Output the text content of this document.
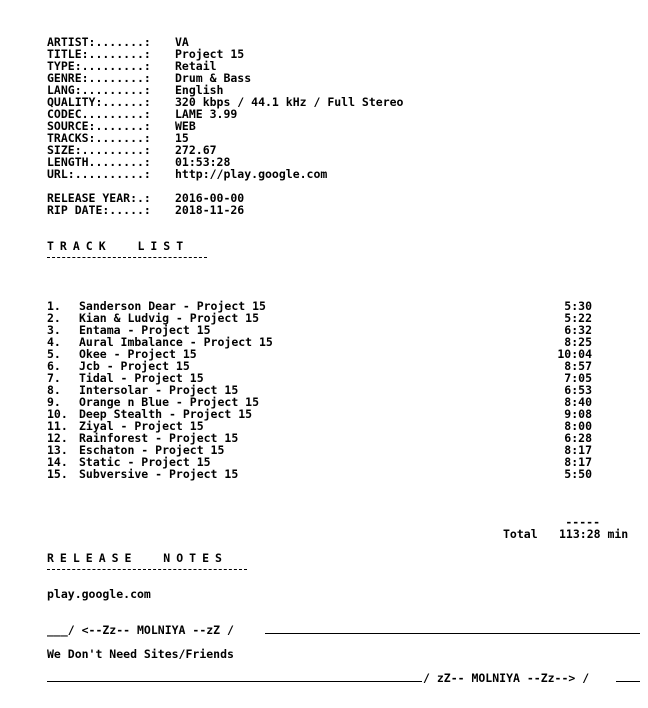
ARTIST:.......: VA
TITLE:........: Project 15
TYPE:.........: Retail
GENRE:........: Drum & Bass
LANG:.........: English
QUALITY:......: 320 kbps / 44.1 kHz / Full Stereo
CODEC.........: LAME 3.99
SOURCE:.......: WEB
TRACKS:.......: 15
SIZE:.........: 272.67
LENGTH........: 01:53:28
URL:..........: http://play.google.com
RELEASE YEAR:.: 2016-00-00
RIP DATE:.....: 2018-11-26
TRACK  LIST
1. Sanderson Dear - Project 15	5:30
2. Kian & Ludvig - Project 15	5:22
3. Entama - Project 15	6:32
4. Aural Imbalance - Project 15	8:25
5. Okee - Project 15	10:04
6. Jcb - Project 15	8:57
7. Tidal - Project 15	7:05
8. Intersolar - Project 15	6:53
9. Orange n Blue - Project 15	8:40
10. Deep Stealth - Project 15	9:08
11. Ziyal - Project 15	8:00
12. Rainforest - Project 15	6:28
13. Eschaton - Project 15	8:17
14. Static - Project 15	8:17
15. Subversive - Project 15	5:50
-----
Total 113:28 min
RELEASE  NOTES
play.google.com
___/ <--Zz-- MOLNIYA --zZ /
We Don't Need Sites/Friends
/ zZ-- MOLNIYA --Zz--> /
